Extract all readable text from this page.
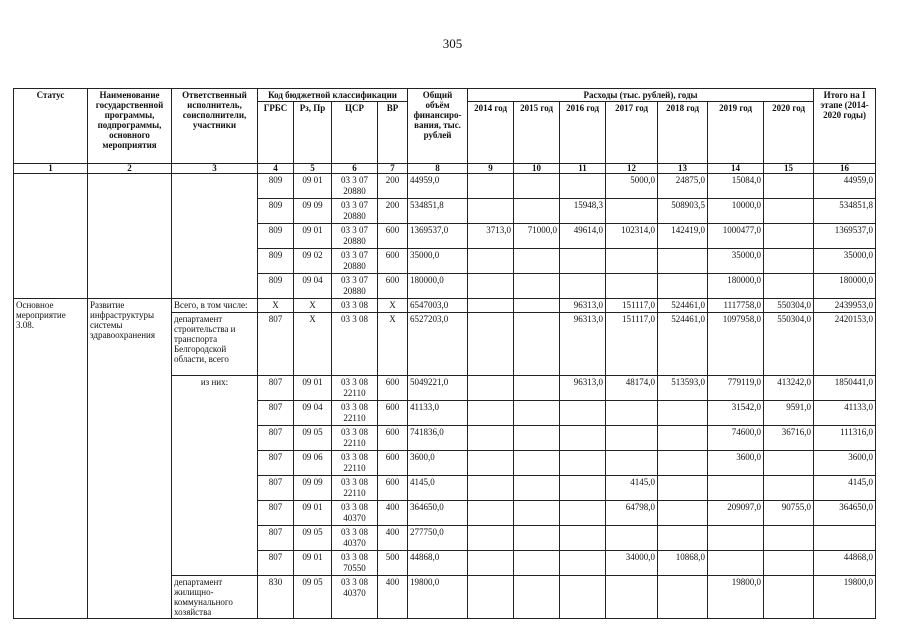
305
Статус	Наименование государственной программы, подпрограммы, основного мероприятия	Ответственный исполнитель, соисполнители, участники	Код бюджетной классификации				Общий объём финансиро-вания, тыс. рублей	Расходы (тыс. рублей), годы							Итого на I этапе (2014-2020 годы)
			ГРБС	Рз, Пр	ЦСР	ВР		2014 год	2015 год	2016 год	2017 год	2018 год	2019 год	2020 год	
1	2	3	4	5	6	7	8	9	10	11	12	13	14	15	16
			809	09 01	03 3 07 20880	200	44959,0				5000,0	24875,0	15084,0		44959,0
			809	09 09	03 3 07 20880	200	534851,8			15948,3		508903,5	10000,0		534851,8
			809	09 01	03 3 07 20880	600	1369537,0	3713,0	71000,0	49614,0	102314,0	142419,0	1000477,0		1369537,0
			809	09 02	03 3 07 20880	600	35000,0						35000,0		35000,0
			809	09 04	03 3 07 20880	600	180000,0						180000,0		180000,0
Основное мероприятие 3.08.	Развитие инфраструктуры системы здравоохранения	Всего, в том числе:	X	X	03 3 08	X	6547003,0			96313,0	151117,0	524461,0	1117758,0	550304,0	2439953,0
		департамент строительства и транспорта Белгородской области, всего	807	X	03 3 08	X	6527203,0			96313,0	151117,0	524461,0	1097958,0	550304,0	2420153,0
		из них:	807	09 01	03 3 08 22110	600	5049221,0			96313,0	48174,0	513593,0	779119,0	413242,0	1850441,0
			807	09 04	03 3 08 22110	600	41133,0						31542,0	9591,0	41133,0
			807	09 05	03 3 08 22110	600	741836,0						74600,0	36716,0	111316,0
			807	09 06	03 3 08 22110	600	3600,0						3600,0		3600,0
			807	09 09	03 3 08 22110	600	4145,0				4145,0				4145,0
			807	09 01	03 3 08 40370	400	364650,0				64798,0		209097,0	90755,0	364650,0
			807	09 05	03 3 08 40370	400	277750,0								
			807	09 01	03 3 08 70550	500	44868,0				34000,0	10868,0			44868,0
		департамент жилищно-коммунального хозяйства	830	09 05	03 3 08 40370	400	19800,0						19800,0		19800,0
